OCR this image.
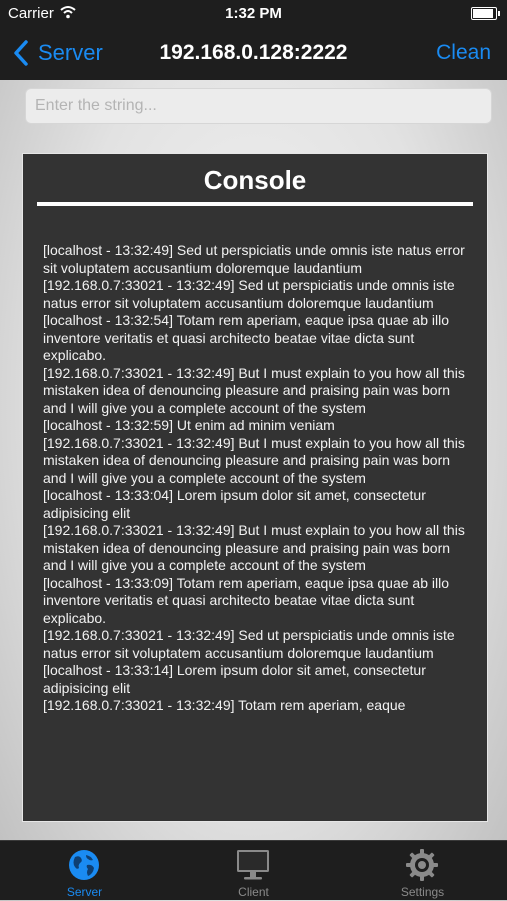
Carrier	1:32 PM
Server	192.168.0.128:2222	Clean
Enter the string...
Console

[localhost - 13:32:49] Sed ut perspiciatis unde omnis iste natus error sit voluptatem accusantium doloremque laudantium

[192.168.0.7:33021 - 13:32:49] Sed ut perspiciatis unde omnis iste natus error sit voluptatem accusantium doloremque laudantium

[localhost - 13:32:54] Totam rem aperiam, eaque ipsa quae ab illo inventore veritatis et quasi architecto beatae vitae dicta sunt explicabo.

[192.168.0.7:33021 - 13:32:49] But I must explain to you how all this mistaken idea of denouncing pleasure and praising pain was born and I will give you a complete account of the system

[localhost - 13:32:59] Ut enim ad minim veniam

[192.168.0.7:33021 - 13:32:49] But I must explain to you how all this mistaken idea of denouncing pleasure and praising pain was born and I will give you a complete account of the system

[localhost - 13:33:04] Lorem ipsum dolor sit amet, consectetur adipisicing elit

[192.168.0.7:33021 - 13:32:49] But I must explain to you how all this mistaken idea of denouncing pleasure and praising pain was born and I will give you a complete account of the system

[localhost - 13:33:09] Totam rem aperiam, eaque ipsa quae ab illo inventore veritatis et quasi architecto beatae vitae dicta sunt explicabo.

[192.168.0.7:33021 - 13:32:49] Sed ut perspiciatis unde omnis iste natus error sit voluptatem accusantium doloremque laudantium

[localhost - 13:33:14] Lorem ipsum dolor sit amet, consectetur adipisicing elit

[192.168.0.7:33021 - 13:32:49] Totam rem aperiam, eaque

Server	Client	Settings
